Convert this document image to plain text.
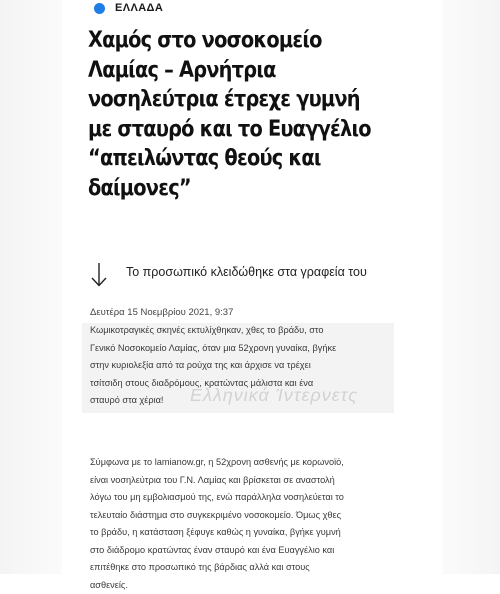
ΕΛΛΑΔΑ
Χαμός στο νοσοκομείο
Λαμίας – Αρνήτρια
νοσηλεύτρια έτρεχε γυμνή
με σταυρό και το Ευαγγέλιο
“απειλώντας θεούς και
δαίμονες”
Το προσωπικό κλειδώθηκε στα γραφεία του
Δευτέρα 15 Νοεμβρίου 2021, 9:37
Κωμικοτραγικές σκηνές εκτυλίχθηκαν, χθες το βράδυ, στο
Γενικό Νοσοκομείο Λαμίας, όταν μια 52χρονη γυναίκα, βγήκε
στην κυριολεξία από τα ρούχα της και άρχισε να τρέχει
τσίτσιδη στους διαδρόμους, κρατώντας μάλιστα και ένα
σταυρό στα χέρια!	Ελληνικά Ίντερνετς
Σύμφωνα με το lamianow.gr, η 52χρονη ασθενής με κορωνοϊό,
είναι νοσηλεύτρια του Γ.Ν. Λαμίας και βρίσκεται σε αναστολή
λόγω του μη εμβολιασμού της, ενώ παράλληλα νοσηλεύεται το
τελευταίο διάστημα στο συγκεκριμένο νοσοκομείο. Όμως χθες
το βράδυ, η κατάσταση ξέφυγε καθώς η γυναίκα, βγήκε γυμνή
στο διάδρομο κρατώντας έναν σταυρό και ένα Ευαγγέλιο και
επιτέθηκε στο προσωπικό της βάρδιας αλλά και στους
ασθενείς.
